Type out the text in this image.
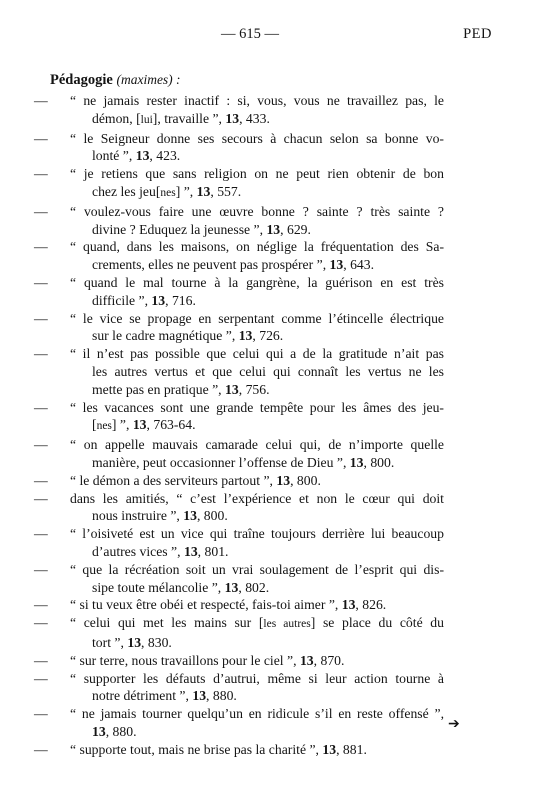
— 615 —	PED
Pédagogie (maximes) :
— “ ne jamais rester inactif : si, vous, vous ne travaillez pas, le
démon, [lui], travaille ”, 13, 433.
— “ le Seigneur donne ses secours à chacun selon sa bonne vo-
lonté ”, 13, 423.
— “ je retiens que sans religion on ne peut rien obtenir de bon
chez les jeu[nes] ”, 13, 557.
— “ voulez-vous faire une œuvre bonne ? sainte ? très sainte ?
divine ? Eduquez la jeunesse ”, 13, 629.
— “ quand, dans les maisons, on néglige la fréquentation des Sa-
crements, elles ne peuvent pas prospérer ”, 13, 643.
— “ quand le mal tourne à la gangrène, la guérison en est très
difficile ”, 13, 716.
— “ le vice se propage en serpentant comme l’étincelle électrique
sur le cadre magnétique ”, 13, 726.
— “ il n’est pas possible que celui qui a de la gratitude n’ait pas
les autres vertus et que celui qui connaît les vertus ne les
mette pas en pratique ”, 13, 756.
— “ les vacances sont une grande tempête pour les âmes des jeu-
[nes] ”, 13, 763-64.
— “ on appelle mauvais camarade celui qui, de n’importe quelle
manière, peut occasionner l’offense de Dieu ”, 13, 800.
— “ le démon a des serviteurs partout ”, 13, 800.
— dans les amitiés, “ c’est l’expérience et non le cœur qui doit
nous instruire ”, 13, 800.
— “ l’oisiveté est un vice qui traîne toujours derrière lui beaucoup
d’autres vices ”, 13, 801.
— “ que la récréation soit un vrai soulagement de l’esprit qui dis-
sipe toute mélancolie ”, 13, 802.
— “ si tu veux être obéi et respecté, fais-toi aimer ”, 13, 826.
— “ celui qui met les mains sur [les autres] se place du côté du
tort ”, 13, 830.
— “ sur terre, nous travaillons pour le ciel ”, 13, 870.
— “ supporter les défauts d’autrui, même si leur action tourne à
notre détriment ”, 13, 880.
— “ ne jamais tourner quelqu’un en ridicule s’il en reste offensé ”,
13, 880.
— “ supporte tout, mais ne brise pas la charité ”, 13, 881.
➔
